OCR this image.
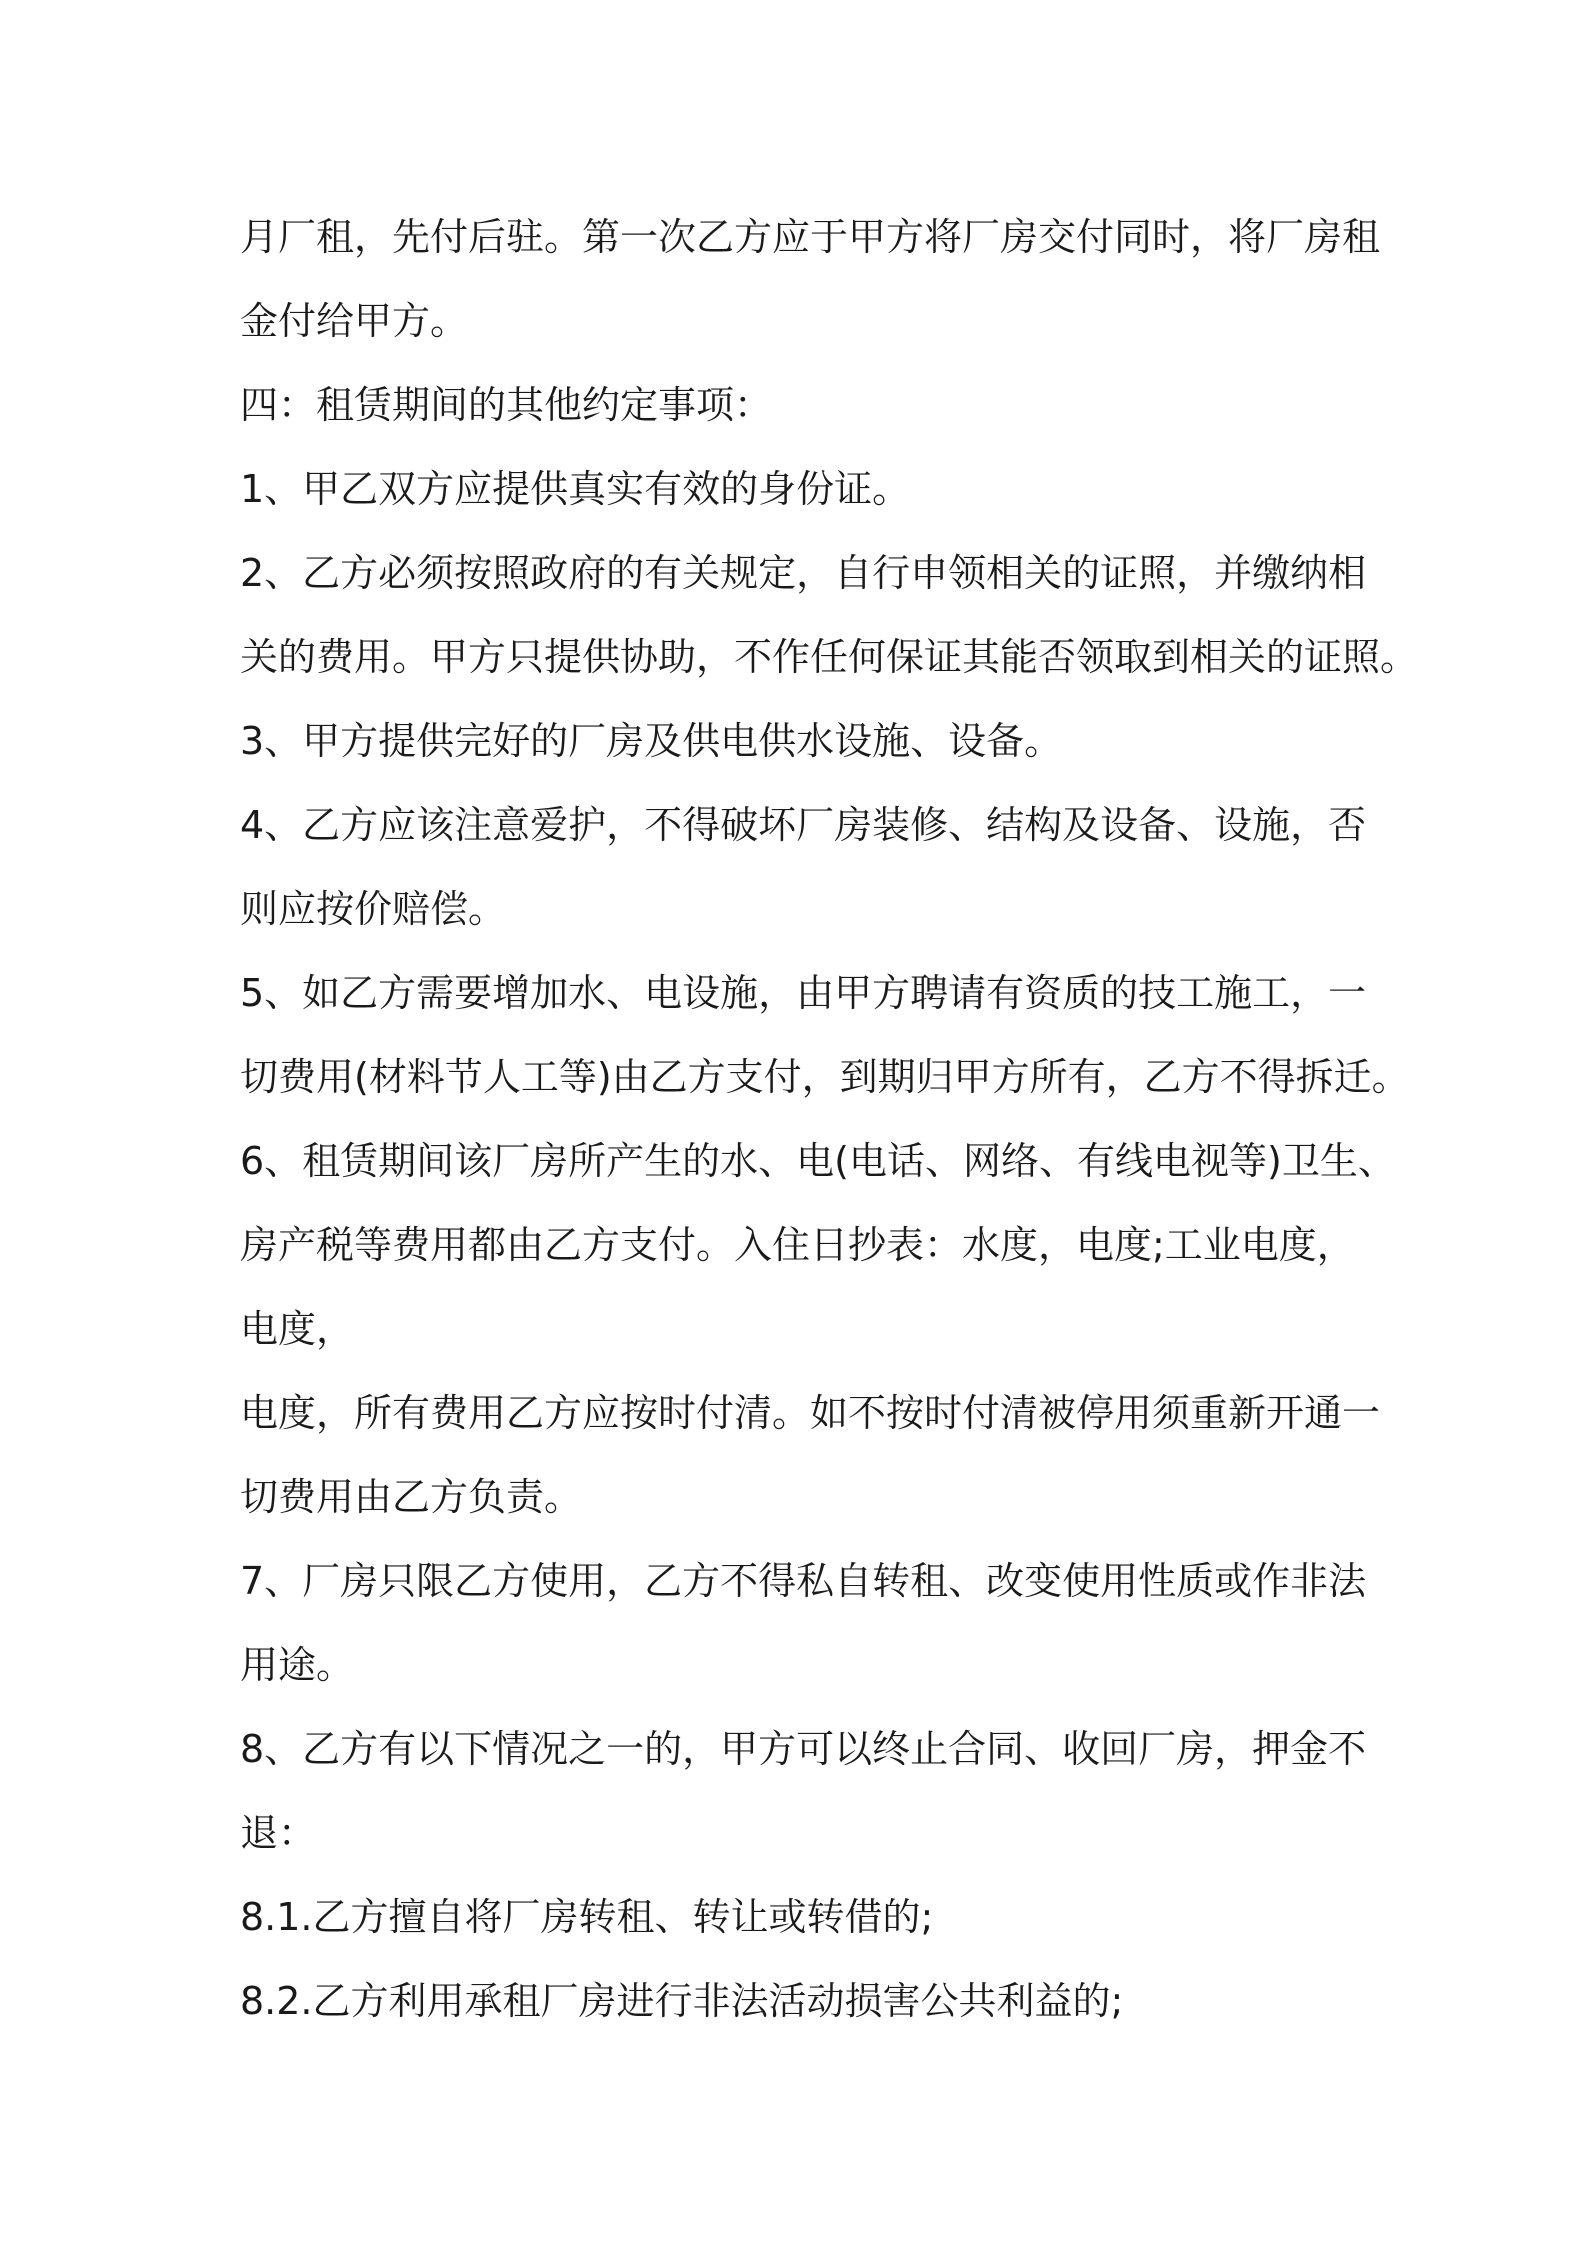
月厂租，先付后驻。第一次乙方应于甲方将厂房交付同时，将厂房租
金付给甲方。
四：租赁期间的其他约定事项：
1、甲乙双方应提供真实有效的身份证。
2、乙方必须按照政府的有关规定，自行申领相关的证照，并缴纳相
关的费用。甲方只提供协助，不作任何保证其能否领取到相关的证照。
3、甲方提供完好的厂房及供电供水设施、设备。
4、乙方应该注意爱护，不得破坏厂房装修、结构及设备、设施，否
则应按价赔偿。
5、如乙方需要增加水、电设施，由甲方聘请有资质的技工施工，一
切费用(材料节人工等)由乙方支付，到期归甲方所有，乙方不得拆迁。
6、租赁期间该厂房所产生的水、电(电话、网络、有线电视等)卫生、
房产税等费用都由乙方支付。入住日抄表：水度，电度;工业电度，
电度，
电度，所有费用乙方应按时付清。如不按时付清被停用须重新开通一
切费用由乙方负责。
7、厂房只限乙方使用，乙方不得私自转租、改变使用性质或作非法
用途。
8、乙方有以下情况之一的，甲方可以终止合同、收回厂房，押金不
退：
8.1.乙方擅自将厂房转租、转让或转借的;
8.2.乙方利用承租厂房进行非法活动损害公共利益的;
